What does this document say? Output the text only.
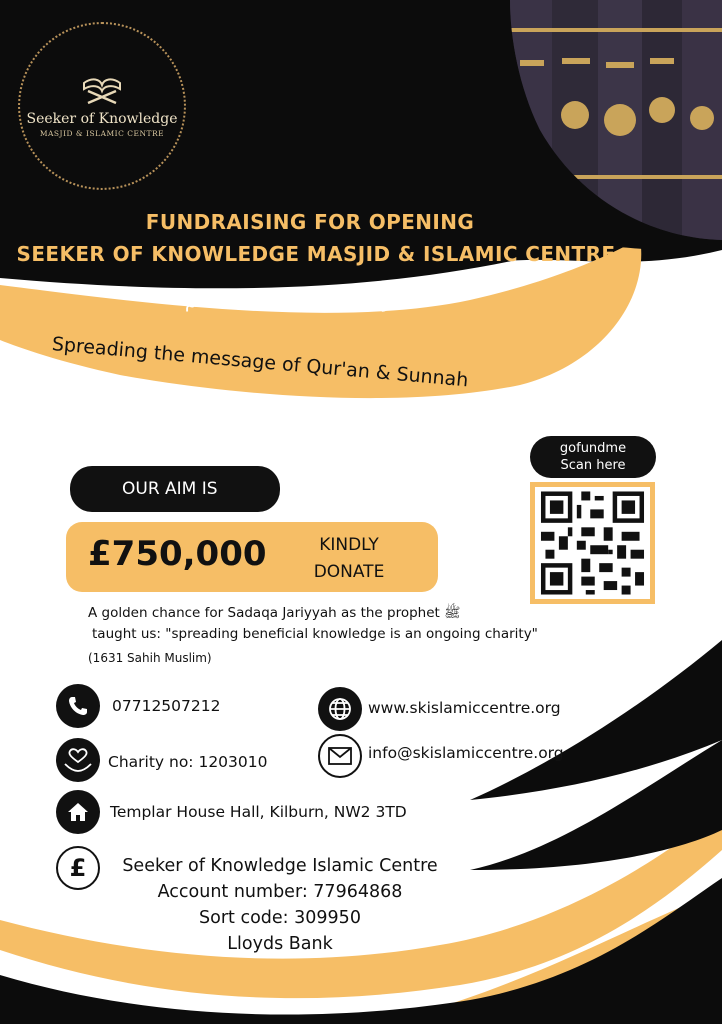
Seeker of Knowledge
MASJID & ISLAMIC CENTRE
FUNDRAISING FOR OPENING
SEEKER OF KNOWLEDGE MASJID & ISLAMIC CENTRE
المركز الإسلامي لطالب العلم
Spreading the message of Qur'an & Sunnah
gofundme
Scan here
OUR AIM IS
£750,000	KINDLY
DONATE
A golden chance for Sadaqa Jariyyah as the prophet ﷺ
taught us: "spreading beneficial knowledge is an ongoing charity"
(1631 Sahih Muslim)
07712507212	www.skislamiccentre.org
Charity no: 1203010	info@skislamiccentre.org
Templar House Hall, Kilburn, NW2 3TD
£	Seeker of Knowledge Islamic Centre
Account number: 77964868
Sort code: 309950
Lloyds Bank
